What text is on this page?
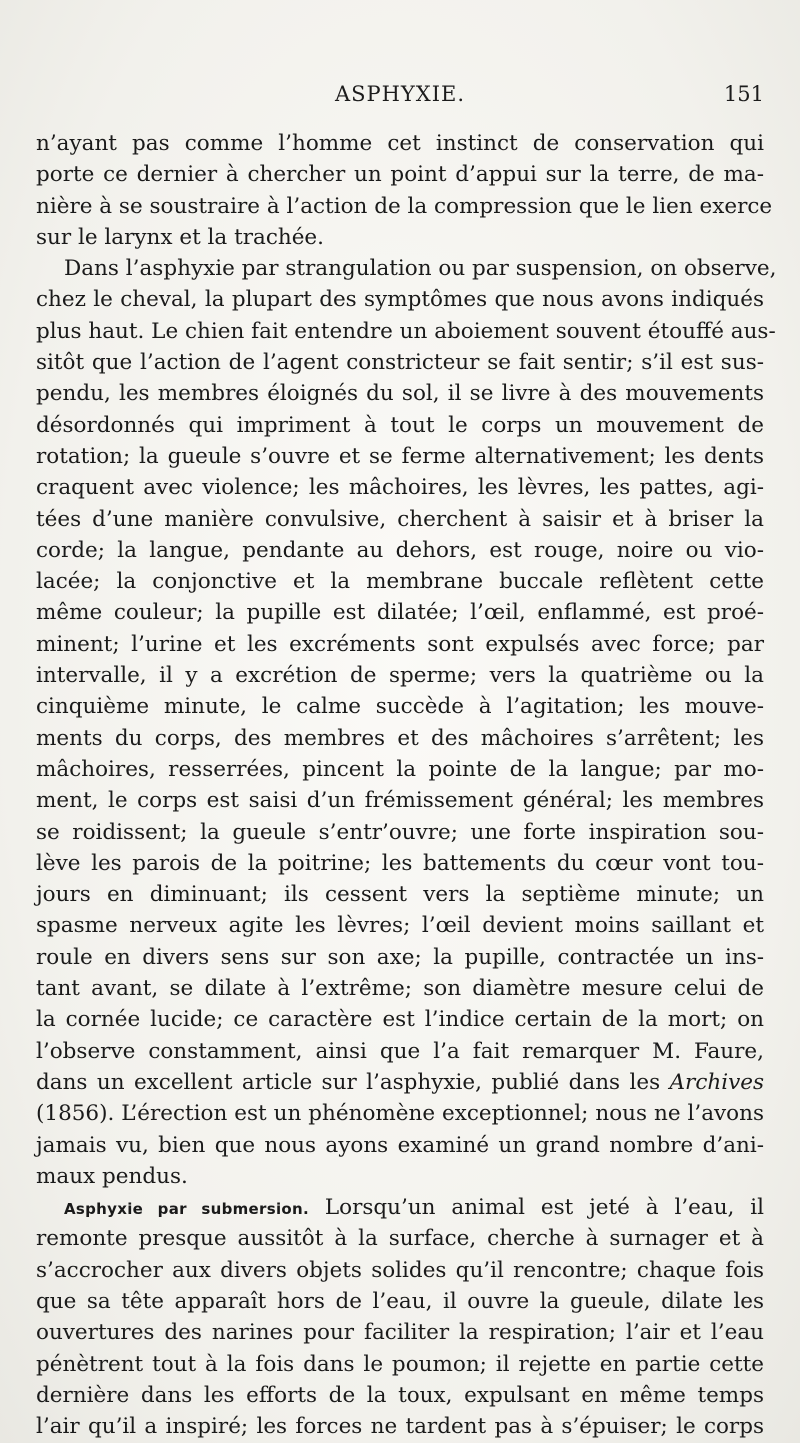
ASPHYXIE.	151
n’ayant pas comme l’homme cet instinct de conservation qui
porte ce dernier à chercher un point d’appui sur la terre, de ma-
nière à se soustraire à l’action de la compression que le lien exerce
sur le larynx et la trachée.
Dans l’asphyxie par strangulation ou par suspension, on observe,
chez le cheval, la plupart des symptômes que nous avons indiqués
plus haut. Le chien fait entendre un aboiement souvent étouffé aus-
sitôt que l’action de l’agent constricteur se fait sentir; s’il est sus-
pendu, les membres éloignés du sol, il se livre à des mouvements
désordonnés qui impriment à tout le corps un mouvement de
rotation; la gueule s’ouvre et se ferme alternativement; les dents
craquent avec violence; les mâchoires, les lèvres, les pattes, agi-
tées d’une manière convulsive, cherchent à saisir et à briser la
corde; la langue, pendante au dehors, est rouge, noire ou vio-
lacée; la conjonctive et la membrane buccale reflètent cette
même couleur; la pupille est dilatée; l’œil, enflammé, est proé-
minent; l’urine et les excréments sont expulsés avec force; par
intervalle, il y a excrétion de sperme; vers la quatrième ou la
cinquième minute, le calme succède à l’agitation; les mouve-
ments du corps, des membres et des mâchoires s’arrêtent; les
mâchoires, resserrées, pincent la pointe de la langue; par mo-
ment, le corps est saisi d’un frémissement général; les membres
se roidissent; la gueule s’entr’ouvre; une forte inspiration sou-
lève les parois de la poitrine; les battements du cœur vont tou-
jours en diminuant; ils cessent vers la septième minute; un
spasme nerveux agite les lèvres; l’œil devient moins saillant et
roule en divers sens sur son axe; la pupille, contractée un ins-
tant avant, se dilate à l’extrême; son diamètre mesure celui de
la cornée lucide; ce caractère est l’indice certain de la mort; on
l’observe constamment, ainsi que l’a fait remarquer M. Faure,
dans un excellent article sur l’asphyxie, publié dans les Archives
(1856). L’érection est un phénomène exceptionnel; nous ne l’avons
jamais vu, bien que nous ayons examiné un grand nombre d’ani-
maux pendus.
Asphyxie par submersion. Lorsqu’un animal est jeté à l’eau, il
remonte presque aussitôt à la surface, cherche à surnager et à
s’accrocher aux divers objets solides qu’il rencontre; chaque fois
que sa tête apparaît hors de l’eau, il ouvre la gueule, dilate les
ouvertures des narines pour faciliter la respiration; l’air et l’eau
pénètrent tout à la fois dans le poumon; il rejette en partie cette
dernière dans les efforts de la toux, expulsant en même temps
l’air qu’il a inspiré; les forces ne tardent pas à s’épuiser; le corps
